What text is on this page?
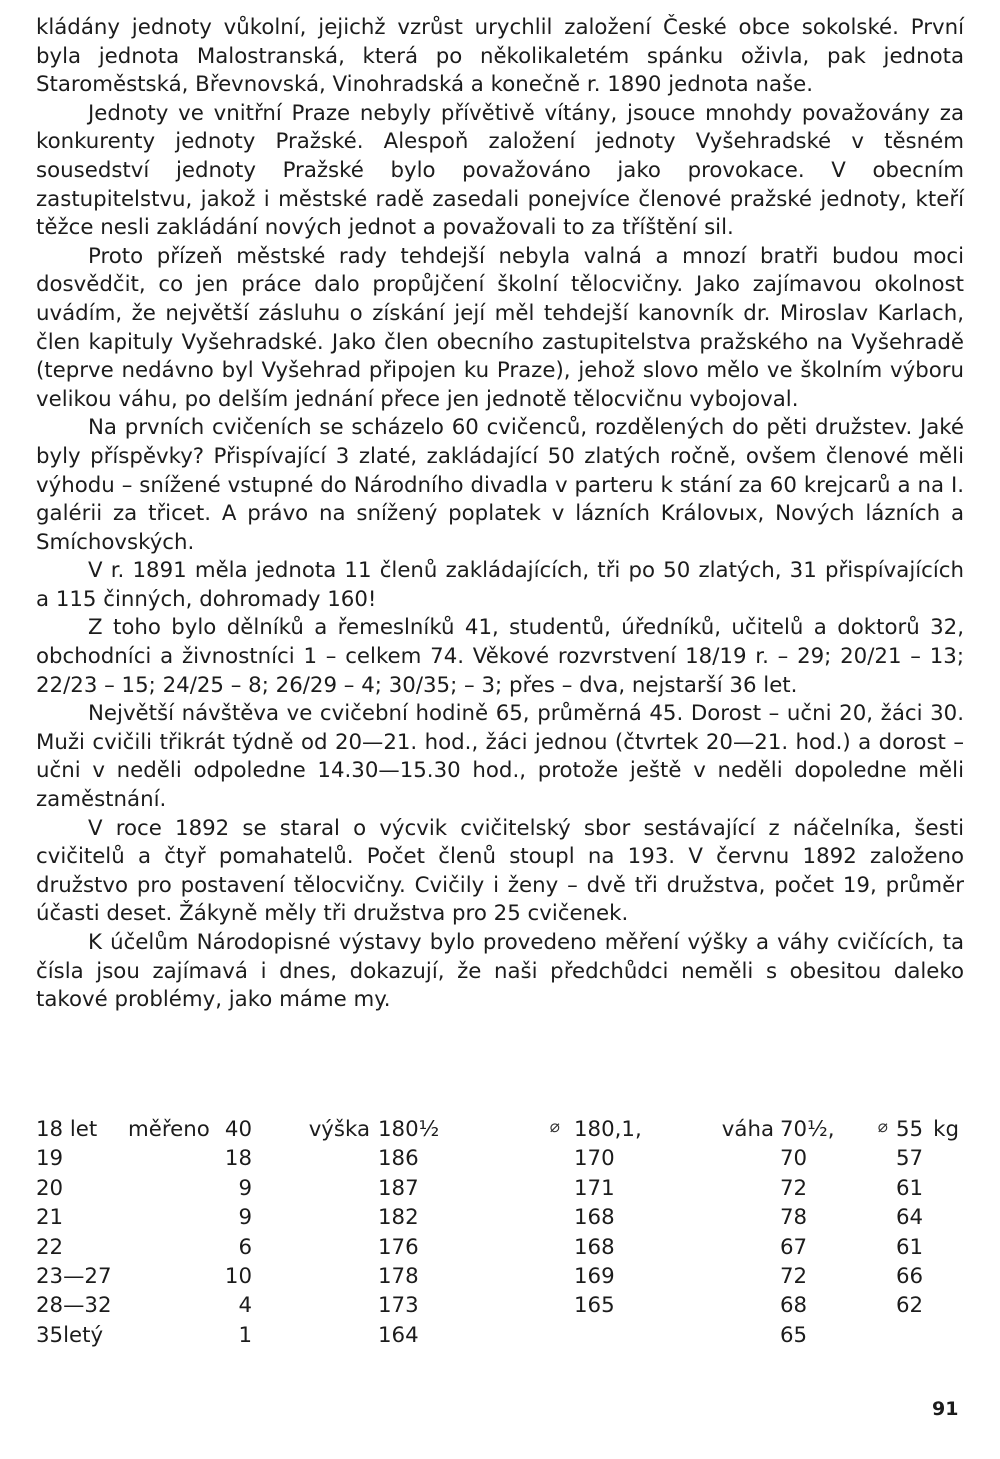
kládány jednoty vůkolní, jejichž vzrůst urychlil založení České obce sokolské. První byla jednota Malostranská, která po několikaletém spánku oživla, pak jednota Staroměstská, Břevnovská, Vinohradská a konečně r. 1890 jednota naše.

Jednoty ve vnitřní Praze nebyly přívětivě vítány, jsouce mnohdy považovány za konkurenty jednoty Pražské. Alespoň založení jednoty Vyšehradské v těsném sousedství jednoty Pražské bylo považováno jako provokace. V obecním zastupitelstvu, jakož i městské radě zasedali ponejvíce členové pražské jednoty, kteří těžce nesli zakládání nových jednot a považovali to za tříštění sil.

Proto přízeň městské rady tehdejší nebyla valná a mnozí bratři budou moci dosvědčit, co jen práce dalo propůjčení školní tělocvičny. Jako zajímavou okolnost uvádím, že největší zásluhu o získání její měl tehdejší kanovník dr. Miroslav Karlach, člen kapituly Vyšehradské. Jako člen obecního zastupitelstva pražského na Vyšehradě (teprve nedávno byl Vyšehrad připojen ku Praze), jehož slovo mělo ve školním výboru velikou váhu, po delším jednání přece jen jednotě tělocvičnu vybojoval.

Na prvních cvičeních se scházelo 60 cvičenců, rozdělených do pěti družstev. Jaké byly příspěvky? Přispívající 3 zlaté, zakládající 50 zlatých ročně, ovšem členové měli výhodu – snížené vstupné do Národního divadla v parteru k stání za 60 krejcarů a na I. galérii za třicet. A právo na snížený poplatek v lázních Královых, Nových lázních a Smíchovských.

V r. 1891 měla jednota 11 členů zakládajících, tři po 50 zlatých, 31 přispívajících a 115 činných, dohromady 160!

Z toho bylo dělníků a řemeslníků 41, studentů, úředníků, učitelů a doktorů 32, obchodníci a živnostníci 1 – celkem 74. Věkové rozvrstvení 18/19 r. – 29; 20/21 – 13; 22/23 – 15; 24/25 – 8; 26/29 – 4; 30/35; – 3; přes – dva, nejstarší 36 let.

Největší návštěva ve cvičební hodině 65, průměrná 45. Dorost – učni 20, žáci 30. Muži cvičili třikrát týdně od 20—21. hod., žáci jednou (čtvrtek 20—21. hod.) a dorost – učni v neděli odpoledne 14.30—15.30 hod., protože ještě v neděli dopoledne měli zaměstnání.

V roce 1892 se staral o výcvik cvičitelský sbor sestávající z náčelníka, šesti cvičitelů a čtyř pomahatelů. Počet členů stoupl na 193. V červnu 1892 založeno družstvo pro postavení tělocvičny. Cvičily i ženy – dvě tři družstva, počet 19, průměr účasti deset. Žákyně měly tři družstva pro 25 cvičenek.

K účelům Národopisné výstavy bylo provedeno měření výšky a váhy cvičících, ta čísla jsou zajímavá i dnes, dokazují, že naši předchůdci neměli s obesitou daleko takové problémy, jako máme my.

18 let	měřeno	40	výška	180½	⌀	180,1,	váha	70½,	⌀	55 kg
19		18		186		170		70		57
20		9		187		171		72		61
21		9		182		168		78		64
22		6		176		168		67		61
23—27		10		178		169		72		66
28—32		4		173		165		68		62
35letý		1		164				65		
91
